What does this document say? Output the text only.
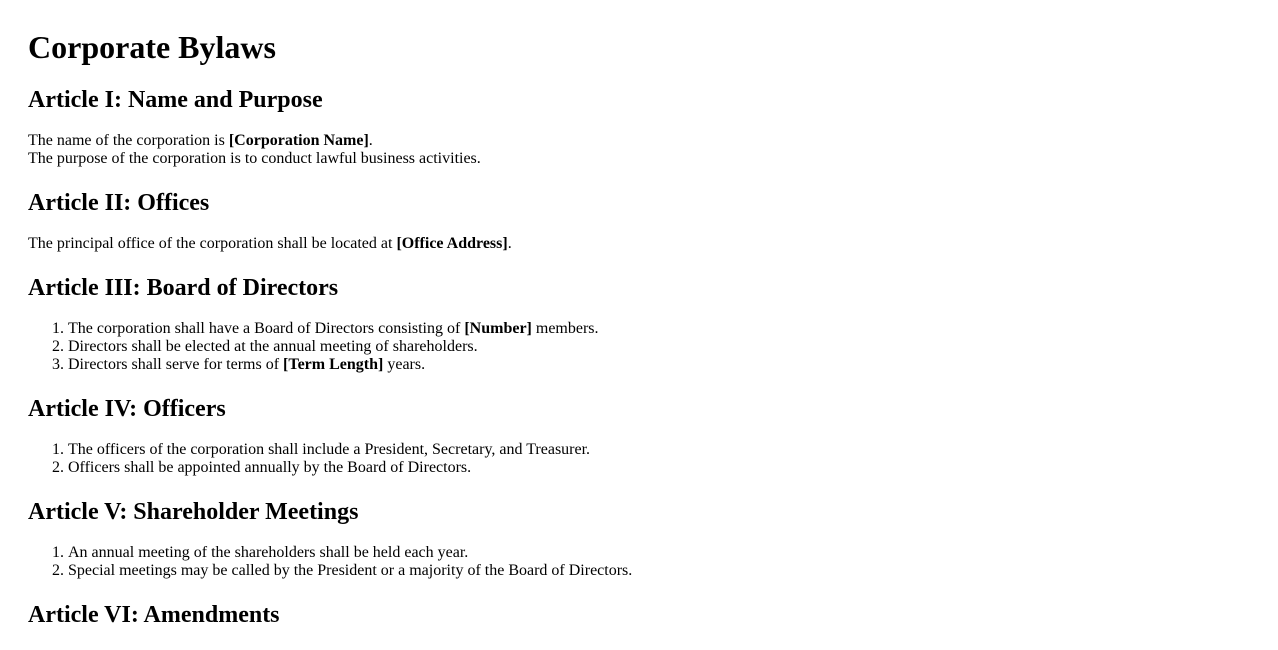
Corporate Bylaws
Article I: Name and Purpose

The name of the corporation is [Corporation Name].
The purpose of the corporation is to conduct lawful business activities.

Article II: Offices

The principal office of the corporation shall be located at [Office Address].

Article III: Board of Directors
1. The corporation shall have a Board of Directors consisting of [Number] members.
2. Directors shall be elected at the annual meeting of shareholders.
3. Directors shall serve for terms of [Term Length] years.
Article IV: Officers
1. The officers of the corporation shall include a President, Secretary, and Treasurer.
2. Officers shall be appointed annually by the Board of Directors.
Article V: Shareholder Meetings
1. An annual meeting of the shareholders shall be held each year.
2. Special meetings may be called by the President or a majority of the Board of Directors.
Article VI: Amendments
